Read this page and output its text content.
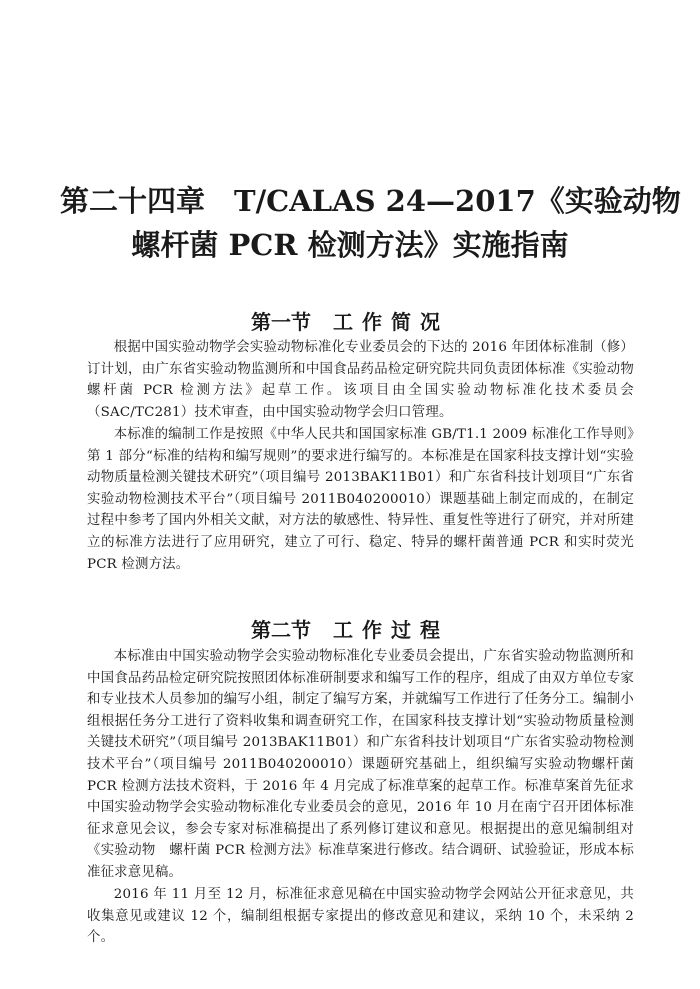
第二十四章　T/CALAS 24—2017《实验动物
螺杆菌 PCR 检测方法》实施指南
第一节 工作简况

根据中国实验动物学会实验动物标准化专业委员会的下达的 2016 年团体标准制（修）订计划，由广东省实验动物监测所和中国食品药品检定研究院共同负责团体标准《实验动物　螺杆菌 PCR 检测方法》起草工作。该项目由全国实验动物标准化技术委员会（SAC/TC281）技术审查，由中国实验动物学会归口管理。

本标准的编制工作是按照《中华人民共和国国家标准 GB/T1.1 2009 标准化工作导则》第 1 部分“标准的结构和编写规则”的要求进行编写的。本标准是在国家科技支撑计划“实验动物质量检测关键技术研究”（项目编号 2013BAK11B01）和广东省科技计划项目“广东省实验动物检测技术平台”（项目编号 2011B040200010）课题基础上制定而成的，在制定过程中参考了国内外相关文献，对方法的敏感性、特异性、重复性等进行了研究，并对所建立的标准方法进行了应用研究，建立了可行、稳定、特异的螺杆菌普通 PCR 和实时荧光 PCR 检测方法。

第二节 工作过程

本标准由中国实验动物学会实验动物标准化专业委员会提出，广东省实验动物监测所和中国食品药品检定研究院按照团体标准研制要求和编写工作的程序，组成了由双方单位专家和专业技术人员参加的编写小组，制定了编写方案，并就编写工作进行了任务分工。编制小组根据任务分工进行了资料收集和调查研究工作，在国家科技支撑计划“实验动物质量检测关键技术研究”（项目编号 2013BAK11B01）和广东省科技计划项目“广东省实验动物检测技术平台”（项目编号 2011B040200010）课题研究基础上，组织编写实验动物螺杆菌 PCR 检测方法技术资料，于 2016 年 4 月完成了标准草案的起草工作。标准草案首先征求中国实验动物学会实验动物标准化专业委员会的意见，2016 年 10 月在南宁召开团体标准征求意见会议，参会专家对标准稿提出了系列修订建议和意见。根据提出的意见编制组对《实验动物　螺杆菌 PCR 检测方法》标准草案进行修改。结合调研、试验验证，形成本标准征求意见稿。

2016 年 11 月至 12 月，标准征求意见稿在中国实验动物学会网站公开征求意见，共收集意见或建议 12 个，编制组根据专家提出的修改意见和建议，采纳 10 个，未采纳 2 个。
